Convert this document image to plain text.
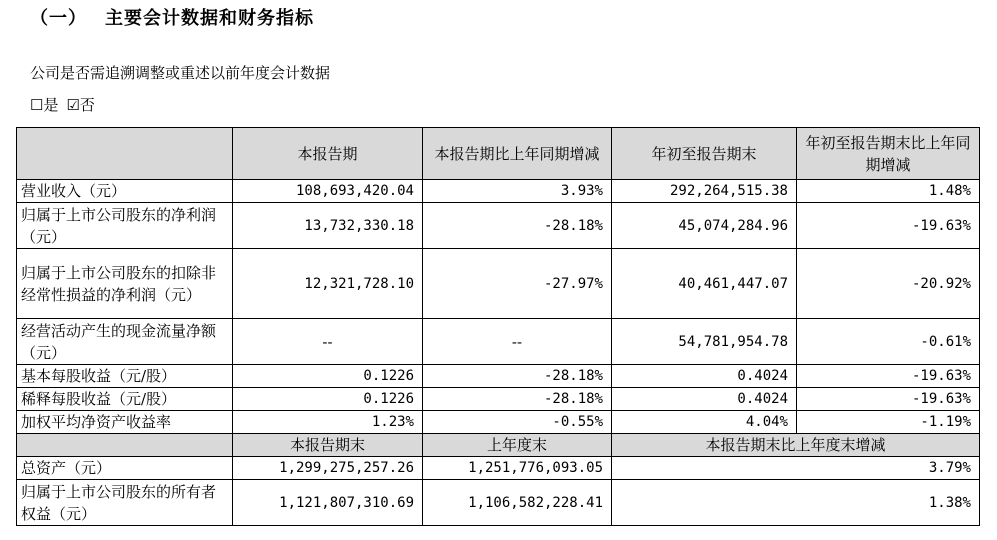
（一） 主要会计数据和财务指标
公司是否需追溯调整或重述以前年度会计数据
☐是 ☑否
	本报告期	本报告期比上年同期增减	年初至报告期末	年初至报告期末比上年同期增减
营业收入（元）	108,693,420.04	3.93%	292,264,515.38	1.48%
归属于上市公司股东的净利润（元）	13,732,330.18	-28.18%	45,074,284.96	-19.63%
归属于上市公司股东的扣除非经常性损益的净利润（元）	12,321,728.10	-27.97%	40,461,447.07	-20.92%
经营活动产生的现金流量净额（元）	--	--	54,781,954.78	-0.61%
基本每股收益（元/股）	0.1226	-28.18%	0.4024	-19.63%
稀释每股收益（元/股）	0.1226	-28.18%	0.4024	-19.63%
加权平均净资产收益率	1.23%	-0.55%	4.04%	-1.19%
	本报告期末	上年度末	本报告期末比上年度末增减	
总资产（元）	1,299,275,257.26	1,251,776,093.05	3.79%	
归属于上市公司股东的所有者权益（元）	1,121,807,310.69	1,106,582,228.41	1.38%	
